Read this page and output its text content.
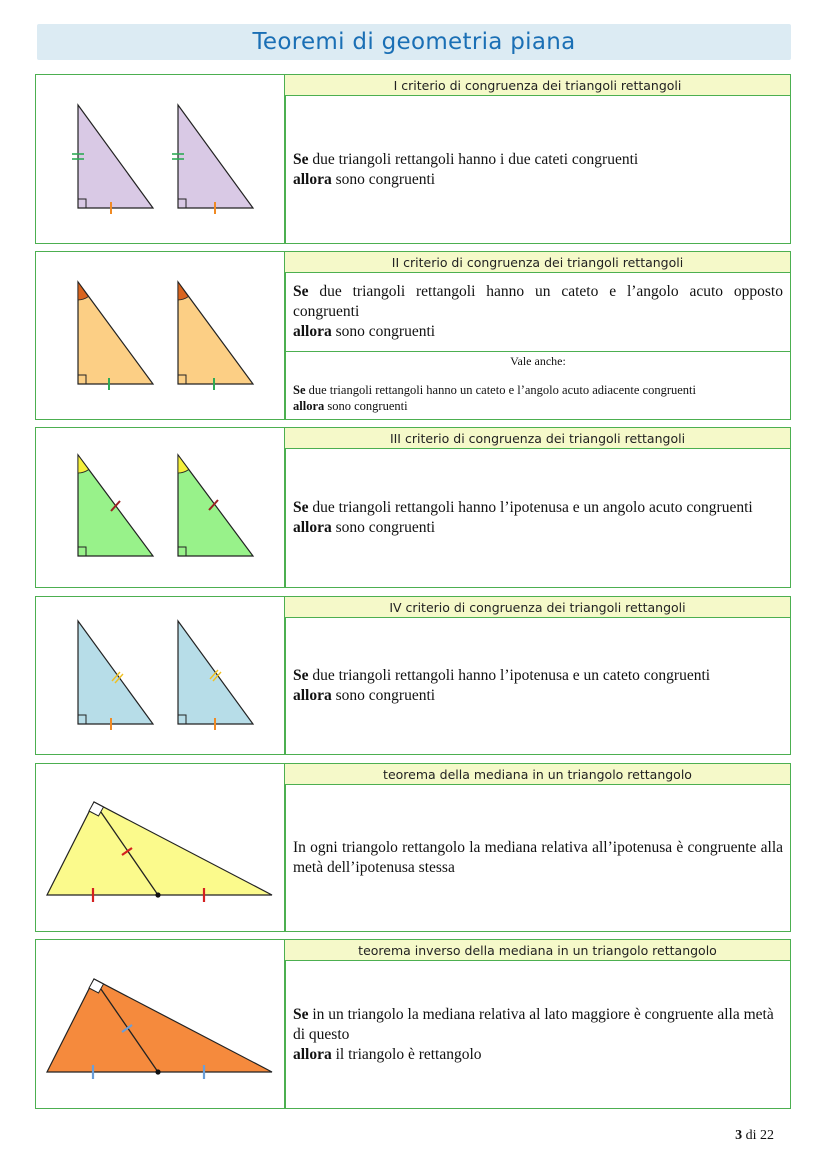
Teoremi di geometria piana
I criterio di congruenza dei triangoli rettangoli

Se due triangoli rettangoli hanno i due cateti congruenti

allora sono congruenti

II criterio di congruenza dei triangoli rettangoli

Se due triangoli rettangoli hanno un cateto e l’angolo acuto opposto congruenti

allora sono congruenti

Vale anche:
Se due triangoli rettangoli hanno un cateto e l’angolo acuto adiacente congruenti
allora sono congruenti
III criterio di congruenza dei triangoli rettangoli

Se due triangoli rettangoli hanno l’ipotenusa e un angolo acuto congruenti

allora sono congruenti

IV criterio di congruenza dei triangoli rettangoli

Se due triangoli rettangoli hanno l’ipotenusa e un cateto congruenti

allora sono congruenti

teorema della mediana in un triangolo rettangolo

In ogni triangolo rettangolo la mediana relativa all’ipotenusa è congruente alla metà dell’ipotenusa stessa

teorema inverso della mediana in un triangolo rettangolo

Se in un triangolo la mediana relativa al lato maggiore è congruente alla metà di questo

allora il triangolo è rettangolo

3 di 22
